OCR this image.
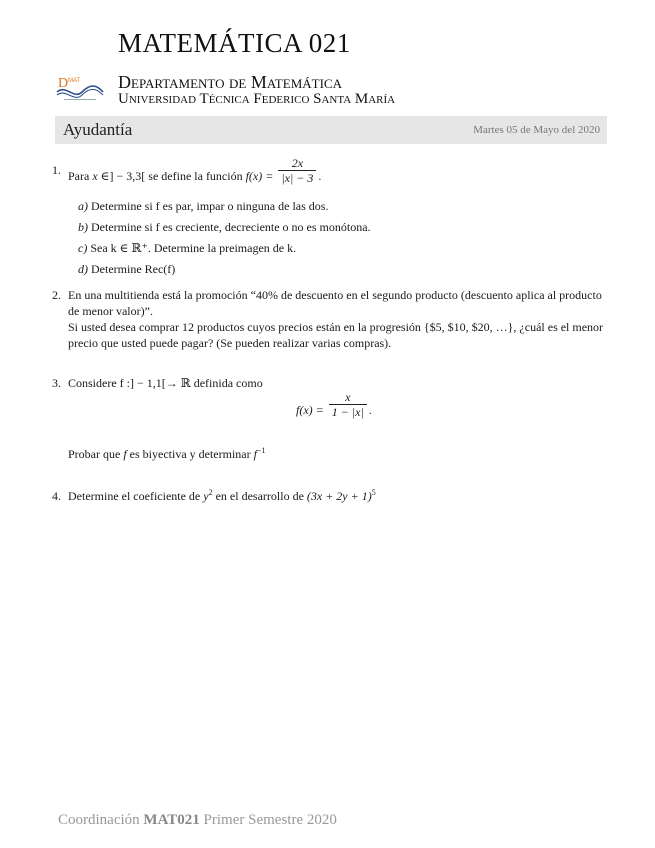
MATEMÁTICA 021
D MAT Departamento de Matemática
Universidad Técnica Federico Santa María
Ayudantía	Martes 05 de Mayo del 2020
1. Para x ∈] − 3,3[ se define la función $f(x) = \frac{2x}{|x| - 3}$ .
a) Determine si f es par, impar o ninguna de las dos.
b) Determine si f es creciente, decreciente o no es monótona.
c) Sea k ∈ ℝ⁺. Determine la preimagen de k.
d) Determine Rec(f)
2. En una multitienda está la promoción “40% de descuento en el segundo producto (descuento aplica al producto de menor valor)”.
Si usted desea comprar 12 productos cuyos precios están en la progresión {$5, $10, $20, …}, ¿cuál es el menor precio que usted puede pagar? (Se pueden realizar varias compras).
3. Considere f :] − 1,1[→ ℝ definida como
$f(x) = \frac{x}{1 - |x|}$ .
Probar que f es biyectiva y determinar $f^{-1}$
4. Determine el coeficiente de $y^2$ en el desarrollo de $(3x + 2y + 1)^5$
Coordinación MAT021 Primer Semestre 2020
